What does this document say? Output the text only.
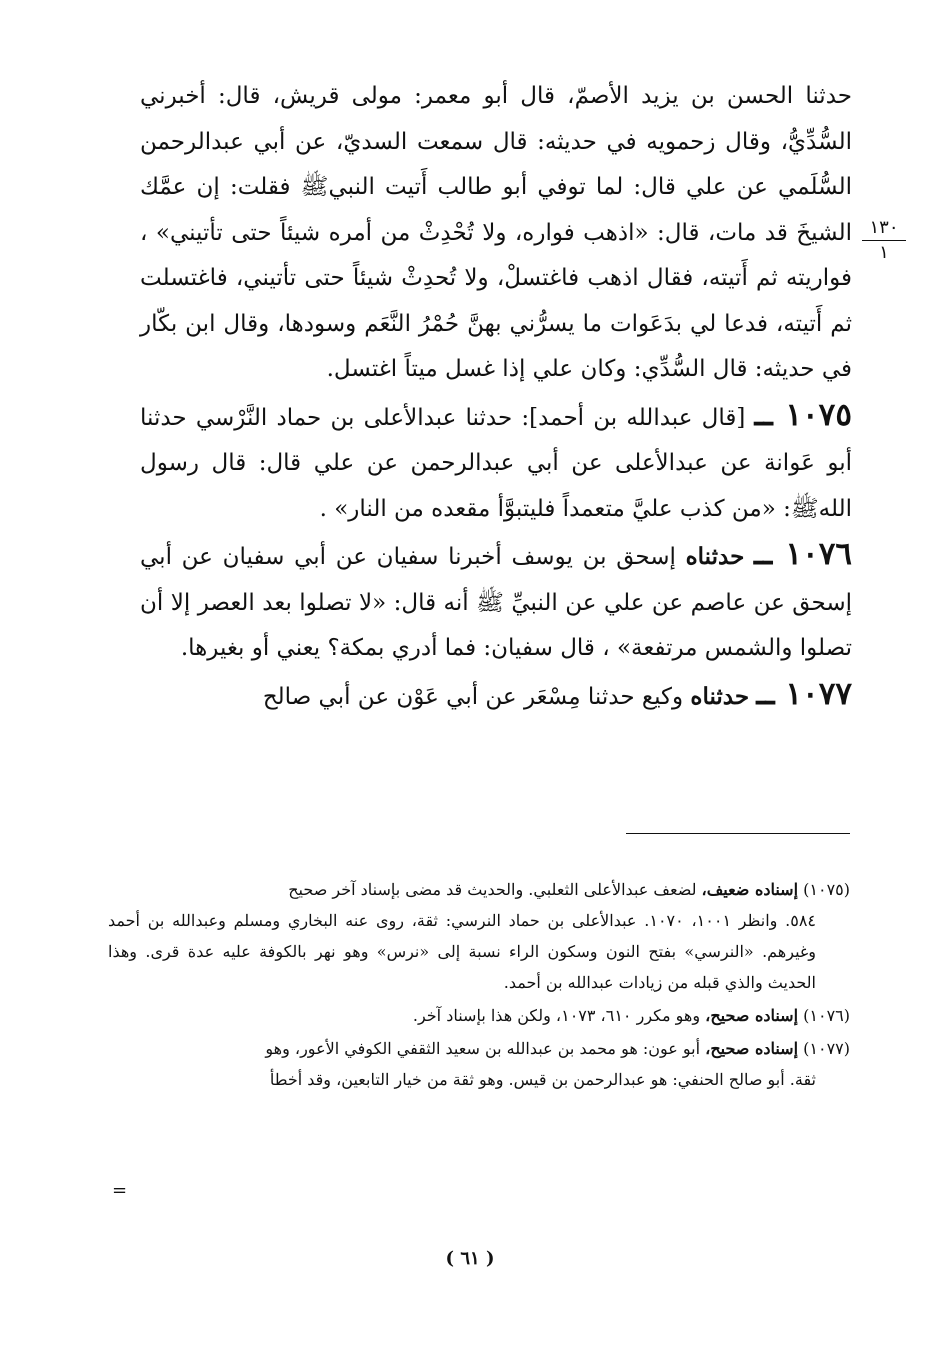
١٣٠
١

حدثنا الحسن بن يزيد الأصمّ، قال أبو معمر: مولى قريش، قال: أخبرني السُّدِّيُّ، وقال زحمويه في حديثه: قال سمعت السديّ، عن أبي عبدالرحمن السُّلَمي عن علي قال: لما توفي أبو طالب أَتيت النبيﷺ فقلت: إن عمَّك الشيخَ قد مات، قال: «اذهب فواره، ولا تُحْدِثْ من أمره شيئاً حتى تأتيني» ، فواريته ثم أَتيته، فقال اذهب فاغتسلْ، ولا تُحدِثْ شيئاً حتى تأتيني، فاغتسلت ثم أَتيته، فدعا لي بدَعَوات ما يسرُّني بهنَّ حُمْرُ النَّعَم وسودها، وقال ابن بكّار في حديثه: قال السُّدِّي: وكان علي إذا غسل ميتاً اغتسل.

١٠٧٥ ــ [قال عبدالله بن أحمد]: حدثنا عبدالأعلى بن حماد النَّرْسي حدثنا أبو عَوانة عن عبدالأعلى عن أبي عبدالرحمن عن علي قال: قال رسول اللهﷺ: «من كذب عليَّ متعمداً فليتبوَّأ مقعده من النار» .

١٠٧٦ ــ حدثناه إسحق بن يوسف أخبرنا سفيان عن أبي سفيان عن أبي إسحق عن عاصم عن علي عن النبيِّ ﷺ أنه قال: «لا تصلوا بعد العصر إلا أن تصلوا والشمس مرتفعة» ، قال سفيان: فما أدري بمكة؟ يعني أو بغيرها.

١٠٧٧ ــ حدثناه وكيع حدثنا مِسْعَر عن أبي عَوْن عن أبي صالح

(١٠٧٥) إسناده ضعيف، لضعف عبدالأعلى الثعلبي. والحديث قد مضى بإسناد آخر صحيح
٥٨٤. وانظر ١٠٠١، ١٠٧٠. عبدالأعلى بن حماد النرسي: ثقة، روى عنه البخاري ومسلم وعبدالله بن أحمد وغيرهم. «النرسي» بفتح النون وسكون الراء نسبة إلى «نرس» وهو نهر بالكوفة عليه عدة قرى. وهذا الحديث والذي قبله من زيادات عبدالله بن أحمد.

(١٠٧٦) إسناده صحيح، وهو مكرر ٦١٠، ١٠٧٣، ولكن هذا بإسناد آخر.

(١٠٧٧) إسناده صحيح، أبو عون: هو محمد بن عبدالله بن سعيد الثقفي الكوفي الأعور، وهو
ثقة. أبو صالح الحنفي: هو عبدالرحمن بن قيس. وهو ثقة من خيار التابعين، وقد أخطأ

=
( ٦١ )
